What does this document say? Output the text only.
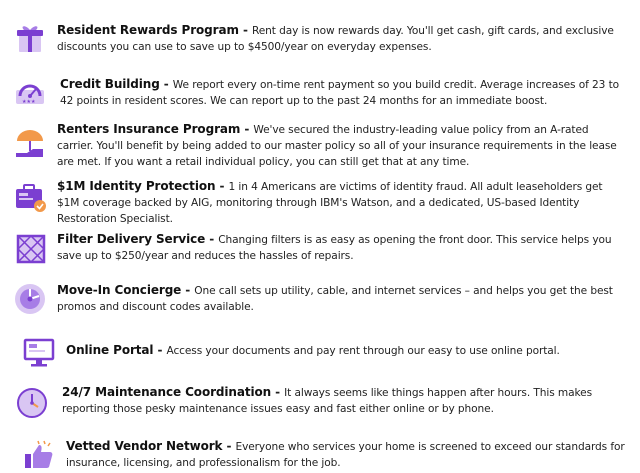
Resident Rewards Program - Rent day is now rewards day. You'll get cash, gift cards, and exclusive discounts you can use to save up to $4500/year on everyday expenses.
★★★
Credit Building - We report every on-time rent payment so you build credit. Average increases of 23 to 42 points in resident scores. We can report up to the past 24 months for an immediate boost.
Renters Insurance Program - We've secured the industry-leading value policy from an A-rated carrier. You'll benefit by being added to our master policy so all of your insurance requirements in the lease are met. If you want a retail individual policy, you can still get that at any time.
$1M Identity Protection - 1 in 4 Americans are victims of identity fraud. All adult leaseholders get $1M coverage backed by AIG, monitoring through IBM's Watson, and a dedicated, US-based Identity Restoration Specialist.
Filter Delivery Service - Changing filters is as easy as opening the front door. This service helps you save up to $250/year and reduces the hassles of repairs.
Move-In Concierge - One call sets up utility, cable, and internet services – and helps you get the best promos and discount codes available.
Online Portal - Access your documents and pay rent through our easy to use online portal.
24/7 Maintenance Coordination - It always seems like things happen after hours. This makes reporting those pesky maintenance issues easy and fast either online or by phone.
Vetted Vendor Network - Everyone who services your home is screened to exceed our standards for insurance, licensing, and professionalism for the job.
